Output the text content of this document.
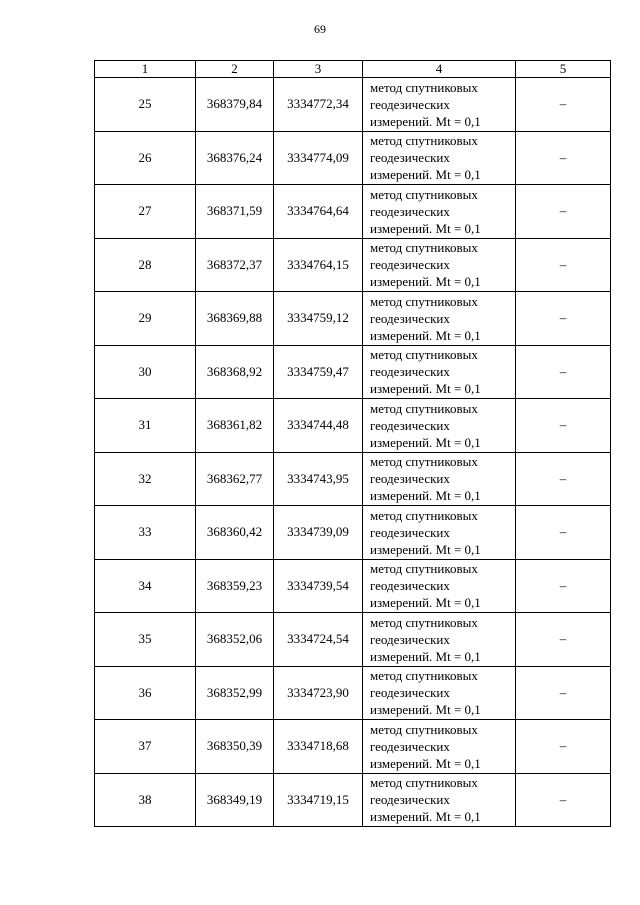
69
1	2	3	4	5
25	368379,84	3334772,34	метод спутниковых
геодезических
измерений. Mt = 0,1	–
26	368376,24	3334774,09	метод спутниковых
геодезических
измерений. Mt = 0,1	–
27	368371,59	3334764,64	метод спутниковых
геодезических
измерений. Mt = 0,1	–
28	368372,37	3334764,15	метод спутниковых
геодезических
измерений. Mt = 0,1	–
29	368369,88	3334759,12	метод спутниковых
геодезических
измерений. Mt = 0,1	–
30	368368,92	3334759,47	метод спутниковых
геодезических
измерений. Mt = 0,1	–
31	368361,82	3334744,48	метод спутниковых
геодезических
измерений. Mt = 0,1	–
32	368362,77	3334743,95	метод спутниковых
геодезических
измерений. Mt = 0,1	–
33	368360,42	3334739,09	метод спутниковых
геодезических
измерений. Mt = 0,1	–
34	368359,23	3334739,54	метод спутниковых
геодезических
измерений. Mt = 0,1	–
35	368352,06	3334724,54	метод спутниковых
геодезических
измерений. Mt = 0,1	–
36	368352,99	3334723,90	метод спутниковых
геодезических
измерений. Mt = 0,1	–
37	368350,39	3334718,68	метод спутниковых
геодезических
измерений. Mt = 0,1	–
38	368349,19	3334719,15	метод спутниковых
геодезических
измерений. Mt = 0,1	–
